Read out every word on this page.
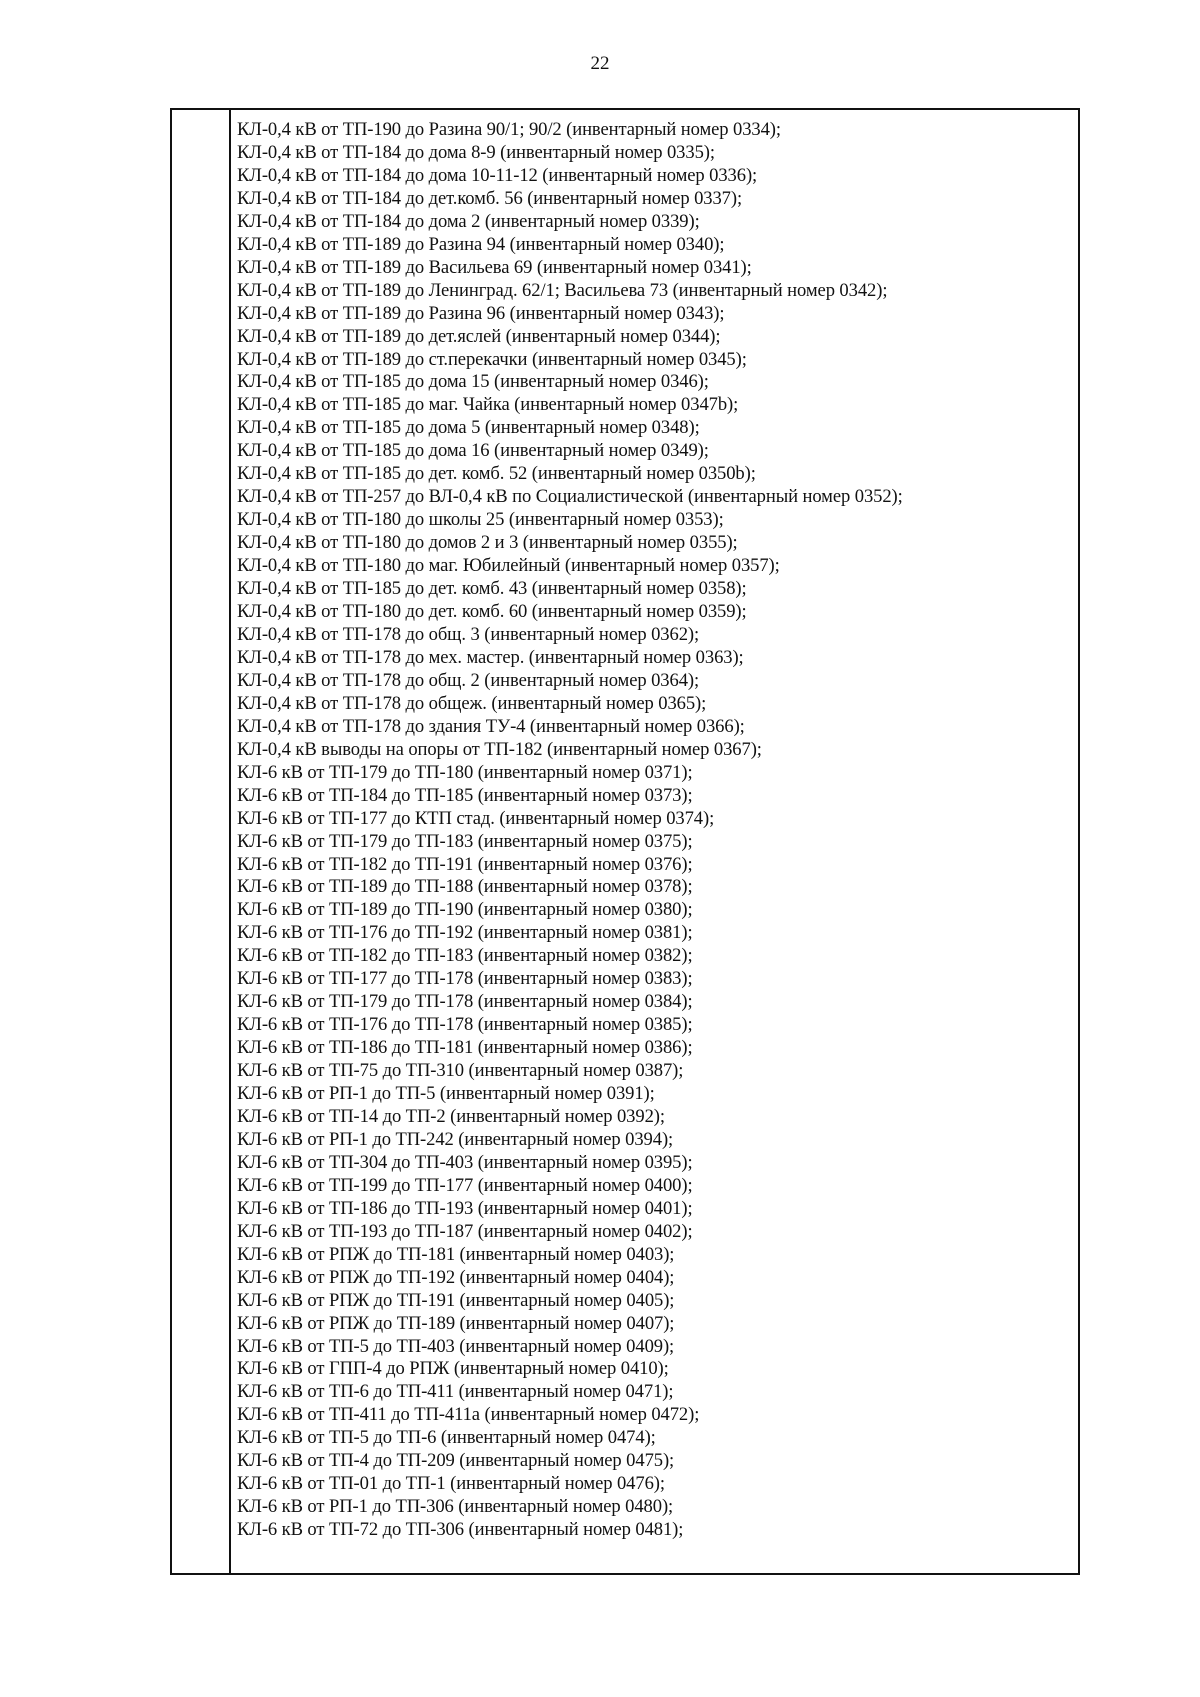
22
КЛ-0,4 кВ от ТП-190 до Разина 90/1; 90/2 (инвентарный номер 0334);
КЛ-0,4 кВ от ТП-184 до дома 8-9 (инвентарный номер 0335);
КЛ-0,4 кВ от ТП-184 до дома 10-11-12 (инвентарный номер 0336);
КЛ-0,4 кВ от ТП-184 до дет.комб. 56 (инвентарный номер 0337);
КЛ-0,4 кВ от ТП-184 до дома 2 (инвентарный номер 0339);
КЛ-0,4 кВ от ТП-189 до Разина 94 (инвентарный номер 0340);
КЛ-0,4 кВ от ТП-189 до Васильева 69 (инвентарный номер 0341);
КЛ-0,4 кВ от ТП-189 до Ленинград. 62/1; Васильева 73 (инвентарный номер 0342);
КЛ-0,4 кВ от ТП-189 до Разина 96 (инвентарный номер 0343);
КЛ-0,4 кВ от ТП-189 до дет.яслей (инвентарный номер 0344);
КЛ-0,4 кВ от ТП-189 до ст.перекачки (инвентарный номер 0345);
КЛ-0,4 кВ от ТП-185 до дома 15 (инвентарный номер 0346);
КЛ-0,4 кВ от ТП-185 до маг. Чайка (инвентарный номер 0347b);
КЛ-0,4 кВ от ТП-185 до дома 5 (инвентарный номер 0348);
КЛ-0,4 кВ от ТП-185 до дома 16 (инвентарный номер 0349);
КЛ-0,4 кВ от ТП-185 до дет. комб. 52 (инвентарный номер 0350b);
КЛ-0,4 кВ от ТП-257 до ВЛ-0,4 кВ по Социалистической (инвентарный номер 0352);
КЛ-0,4 кВ от ТП-180 до школы 25 (инвентарный номер 0353);
КЛ-0,4 кВ от ТП-180 до домов 2 и 3 (инвентарный номер 0355);
КЛ-0,4 кВ от ТП-180 до маг. Юбилейный (инвентарный номер 0357);
КЛ-0,4 кВ от ТП-185 до дет. комб. 43 (инвентарный номер 0358);
КЛ-0,4 кВ от ТП-180 до дет. комб. 60 (инвентарный номер 0359);
КЛ-0,4 кВ от ТП-178 до общ. 3 (инвентарный номер 0362);
КЛ-0,4 кВ от ТП-178 до мех. мастер. (инвентарный номер 0363);
КЛ-0,4 кВ от ТП-178 до общ. 2 (инвентарный номер 0364);
КЛ-0,4 кВ от ТП-178 до общеж. (инвентарный номер 0365);
КЛ-0,4 кВ от ТП-178 до здания ТУ-4 (инвентарный номер 0366);
КЛ-0,4 кВ выводы на опоры от ТП-182 (инвентарный номер 0367);
КЛ-6 кВ от ТП-179 до ТП-180 (инвентарный номер 0371);
КЛ-6 кВ от ТП-184 до ТП-185 (инвентарный номер 0373);
КЛ-6 кВ от ТП-177 до КТП стад. (инвентарный номер 0374);
КЛ-6 кВ от ТП-179 до ТП-183 (инвентарный номер 0375);
КЛ-6 кВ от ТП-182 до ТП-191 (инвентарный номер 0376);
КЛ-6 кВ от ТП-189 до ТП-188 (инвентарный номер 0378);
КЛ-6 кВ от ТП-189 до ТП-190 (инвентарный номер 0380);
КЛ-6 кВ от ТП-176 до ТП-192 (инвентарный номер 0381);
КЛ-6 кВ от ТП-182 до ТП-183 (инвентарный номер 0382);
КЛ-6 кВ от ТП-177 до ТП-178 (инвентарный номер 0383);
КЛ-6 кВ от ТП-179 до ТП-178 (инвентарный номер 0384);
КЛ-6 кВ от ТП-176 до ТП-178 (инвентарный номер 0385);
КЛ-6 кВ от ТП-186 до ТП-181 (инвентарный номер 0386);
КЛ-6 кВ от ТП-75 до ТП-310 (инвентарный номер 0387);
КЛ-6 кВ от РП-1 до ТП-5 (инвентарный номер 0391);
КЛ-6 кВ от ТП-14 до ТП-2 (инвентарный номер 0392);
КЛ-6 кВ от РП-1 до ТП-242 (инвентарный номер 0394);
КЛ-6 кВ от ТП-304 до ТП-403 (инвентарный номер 0395);
КЛ-6 кВ от ТП-199 до ТП-177 (инвентарный номер 0400);
КЛ-6 кВ от ТП-186 до ТП-193 (инвентарный номер 0401);
КЛ-6 кВ от ТП-193 до ТП-187 (инвентарный номер 0402);
КЛ-6 кВ от РПЖ до ТП-181 (инвентарный номер 0403);
КЛ-6 кВ от РПЖ до ТП-192 (инвентарный номер 0404);
КЛ-6 кВ от РПЖ до ТП-191 (инвентарный номер 0405);
КЛ-6 кВ от РПЖ до ТП-189 (инвентарный номер 0407);
КЛ-6 кВ от ТП-5 до ТП-403 (инвентарный номер 0409);
КЛ-6 кВ от ГПП-4 до РПЖ (инвентарный номер 0410);
КЛ-6 кВ от ТП-6 до ТП-411 (инвентарный номер 0471);
КЛ-6 кВ от ТП-411 до ТП-411а (инвентарный номер 0472);
КЛ-6 кВ от ТП-5 до ТП-6 (инвентарный номер 0474);
КЛ-6 кВ от ТП-4 до ТП-209 (инвентарный номер 0475);
КЛ-6 кВ от ТП-01 до ТП-1 (инвентарный номер 0476);
КЛ-6 кВ от РП-1 до ТП-306 (инвентарный номер 0480);
КЛ-6 кВ от ТП-72 до ТП-306 (инвентарный номер 0481);
